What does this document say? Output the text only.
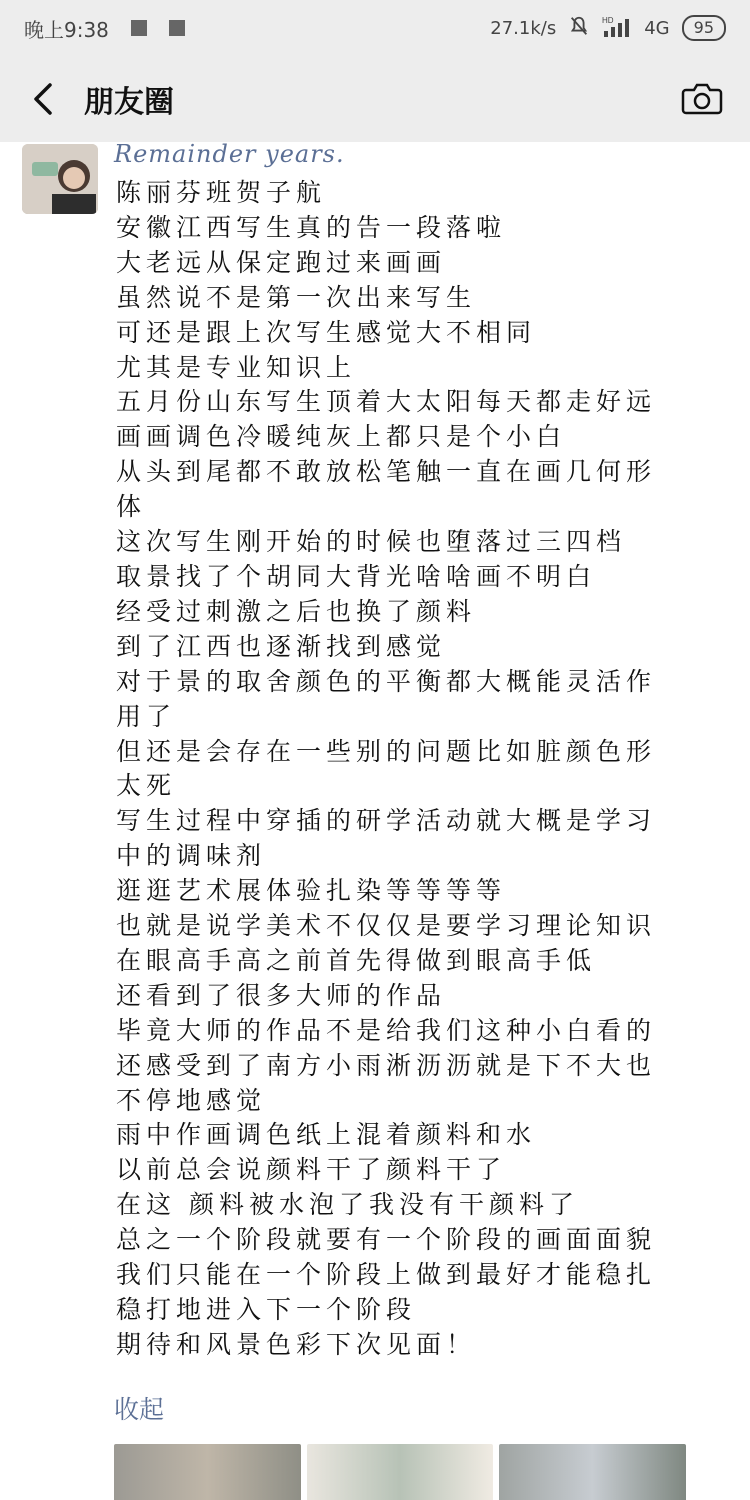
晚上9:38	27.1k/s	HD 4G	95
朋友圈
Remainder years.
陈丽芬班贺子航
安徽江西写生真的告一段落啦
大老远从保定跑过来画画
虽然说不是第一次出来写生
可还是跟上次写生感觉大不相同
尤其是专业知识上
五月份山东写生顶着大太阳每天都走好远
画画调色冷暖纯灰上都只是个小白
从头到尾都不敢放松笔触一直在画几何形
体
这次写生刚开始的时候也堕落过三四档
取景找了个胡同大背光啥啥画不明白
经受过刺激之后也换了颜料
到了江西也逐渐找到感觉
对于景的取舍颜色的平衡都大概能灵活作
用了
但还是会存在一些别的问题比如脏颜色形
太死
写生过程中穿插的研学活动就大概是学习
中的调味剂
逛逛艺术展体验扎染等等等等
也就是说学美术不仅仅是要学习理论知识
在眼高手高之前首先得做到眼高手低
还看到了很多大师的作品
毕竟大师的作品不是给我们这种小白看的
还感受到了南方小雨淅沥沥就是下不大也
不停地感觉
雨中作画调色纸上混着颜料和水
以前总会说颜料干了颜料干了
在这 颜料被水泡了我没有干颜料了
总之一个阶段就要有一个阶段的画面面貌
我们只能在一个阶段上做到最好才能稳扎
稳打地进入下一个阶段
期待和风景色彩下次见面！
收起
